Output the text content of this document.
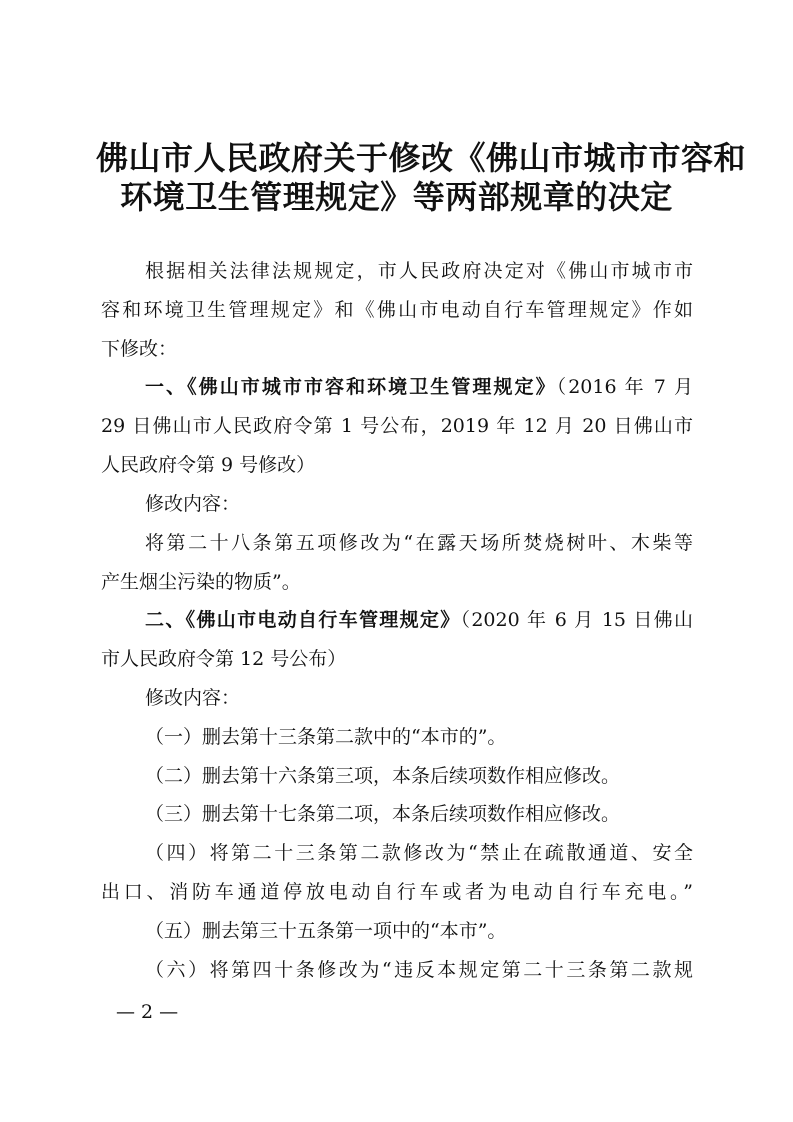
佛山市人民政府关于修改《佛山市城市市容和
环境卫生管理规定》等两部规章的决定
根据相关法律法规规定，市人民政府决定对《佛山市城市市
容和环境卫生管理规定》和《佛山市电动自行车管理规定》作如
下修改：
一、《佛山市城市市容和环境卫生管理规定》（2016 年 7 月
29 日佛山市人民政府令第 1 号公布，2019 年 12 月 20 日佛山市
人民政府令第 9 号修改）
修改内容：
将第二十八条第五项修改为“在露天场所焚烧树叶、木柴等
产生烟尘污染的物质”。
二、《佛山市电动自行车管理规定》（2020 年 6 月 15 日佛山
市人民政府令第 12 号公布）
修改内容：
（一）删去第十三条第二款中的“本市的”。
（二）删去第十六条第三项，本条后续项数作相应修改。
（三）删去第十七条第二项，本条后续项数作相应修改。
（四）将第二十三条第二款修改为“禁止在疏散通道、安全
出口、消防车通道停放电动自行车或者为电动自行车充电。”
（五）删去第三十五条第一项中的“本市”。
（六）将第四十条修改为“违反本规定第二十三条第二款规
— 2 —
